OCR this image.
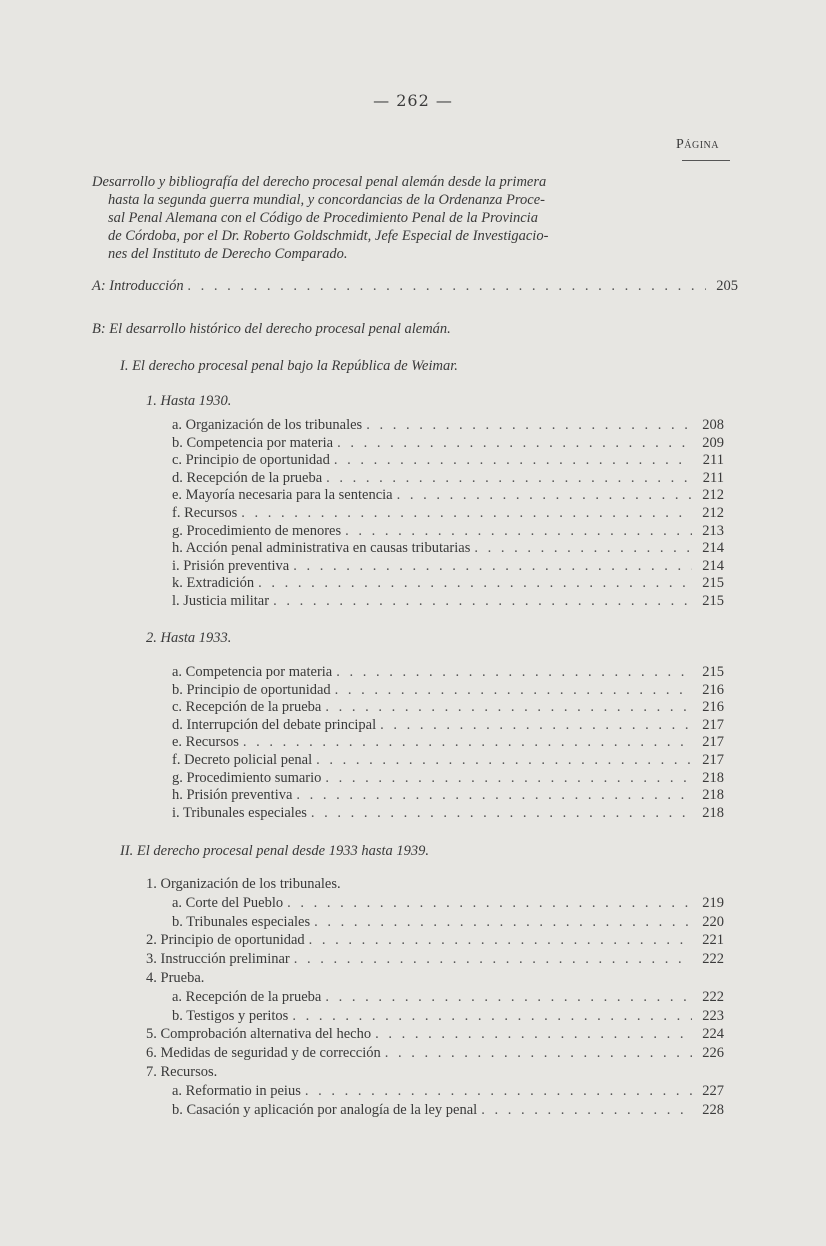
— 262 —
Página
Desarrollo y bibliografía del derecho procesal penal alemán desde la primera
hasta la segunda guerra mundial, y concordancias de la Ordenanza Proce-
sal Penal Alemana con el Código de Procedimiento Penal de la Provincia
de Córdoba, por el Dr. Roberto Goldschmidt, Jefe Especial de Investigacio-
nes del Instituto de Derecho Comparado.
A: Introducción . . .	205
B: El desarrollo histórico del derecho procesal penal alemán.
I. El derecho procesal penal bajo la República de Weimar.
1. Hasta 1930.
a. Organización de los tribunales . . .	208
b. Competencia por materia . . .	209
c. Principio de oportunidad . . .	211
d. Recepción de la prueba . . .	211
e. Mayoría necesaria para la sentencia . . .	212
f. Recursos . . .	212
g. Procedimiento de menores . . .	213
h. Acción penal administrativa en causas tributarias . . .	214
i. Prisión preventiva . . .	214
k. Extradición . . .	215
l. Justicia militar . . .	215
2. Hasta 1933.
a. Competencia por materia . . .	215
b. Principio de oportunidad . . .	216
c. Recepción de la prueba . . .	216
d. Interrupción del debate principal . . .	217
e. Recursos . . .	217
f. Decreto policial penal . . .	217
g. Procedimiento sumario . . .	218
h. Prisión preventiva . . .	218
i. Tribunales especiales . . .	218
II. El derecho procesal penal desde 1933 hasta 1939.
1. Organización de los tribunales.
a. Corte del Pueblo . . .	219
b. Tribunales especiales . . .	220
2. Principio de oportunidad . . .	221
3. Instrucción preliminar . . .	222
4. Prueba.
a. Recepción de la prueba . . .	222
b. Testigos y peritos . . .	223
5. Comprobación alternativa del hecho . . .	224
6. Medidas de seguridad y de corrección . . .	226
7. Recursos.
a. Reformatio in peius . . .	227
b. Casación y aplicación por analogía de la ley penal . . .	228
